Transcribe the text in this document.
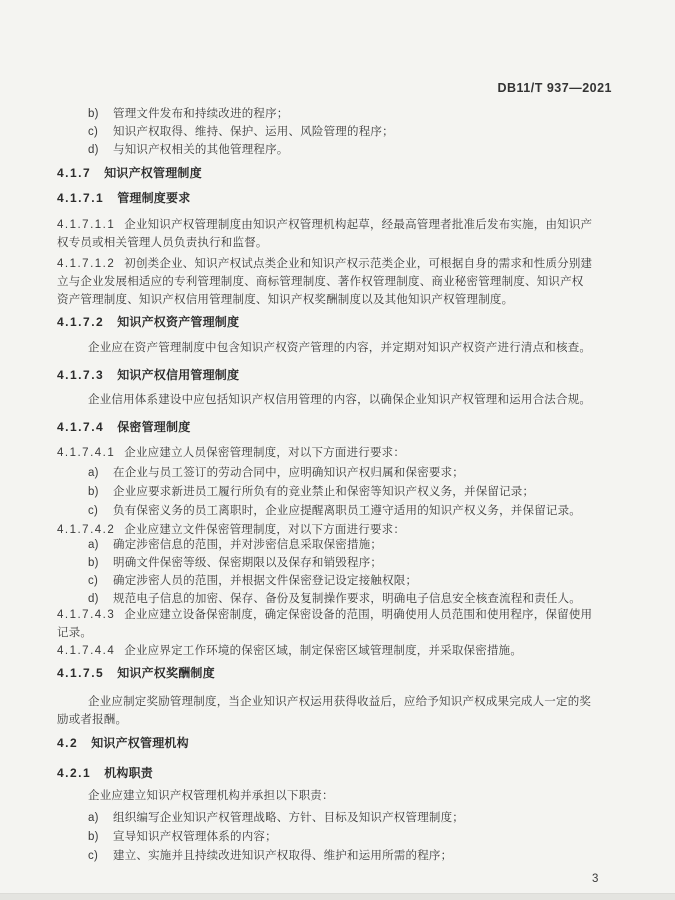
DB11/T 937—2021
b) 管理文件发布和持续改进的程序；
c) 知识产权取得、维持、保护、运用、风险管理的程序；
d) 与知识产权相关的其他管理程序。
4.1.7 知识产权管理制度
4.1.7.1 管理制度要求
4.1.7.1.1 企业知识产权管理制度由知识产权管理机构起草，经最高管理者批准后发布实施，由知识产
权专员或相关管理人员负责执行和监督。
4.1.7.1.2 初创类企业、知识产权试点类企业和知识产权示范类企业，可根据自身的需求和性质分别建
立与企业发展相适应的专利管理制度、商标管理制度、著作权管理制度、商业秘密管理制度、知识产权
资产管理制度、知识产权信用管理制度、知识产权奖酬制度以及其他知识产权管理制度。
4.1.7.2 知识产权资产管理制度
企业应在资产管理制度中包含知识产权资产管理的内容，并定期对知识产权资产进行清点和核查。
4.1.7.3 知识产权信用管理制度
企业信用体系建设中应包括知识产权信用管理的内容，以确保企业知识产权管理和运用合法合规。
4.1.7.4 保密管理制度
4.1.7.4.1 企业应建立人员保密管理制度，对以下方面进行要求：
a) 在企业与员工签订的劳动合同中，应明确知识产权归属和保密要求；
b) 企业应要求新进员工履行所负有的竞业禁止和保密等知识产权义务，并保留记录；
c) 负有保密义务的员工离职时，企业应提醒离职员工遵守适用的知识产权义务，并保留记录。
4.1.7.4.2 企业应建立文件保密管理制度，对以下方面进行要求：
a) 确定涉密信息的范围，并对涉密信息采取保密措施；
b) 明确文件保密等级、保密期限以及保存和销毁程序；
c) 确定涉密人员的范围，并根据文件保密登记设定接触权限；
d) 规范电子信息的加密、保存、备份及复制操作要求，明确电子信息安全核查流程和责任人。
4.1.7.4.3 企业应建立设备保密制度，确定保密设备的范围，明确使用人员范围和使用程序，保留使用
记录。
4.1.7.4.4 企业应界定工作环境的保密区域，制定保密区域管理制度，并采取保密措施。
4.1.7.5 知识产权奖酬制度
企业应制定奖励管理制度，当企业知识产权运用获得收益后，应给予知识产权成果完成人一定的奖
励或者报酬。
4.2 知识产权管理机构
4.2.1 机构职责
企业应建立知识产权管理机构并承担以下职责：
a) 组织编写企业知识产权管理战略、方针、目标及知识产权管理制度；
b) 宣导知识产权管理体系的内容；
c) 建立、实施并且持续改进知识产权取得、维护和运用所需的程序；
3
